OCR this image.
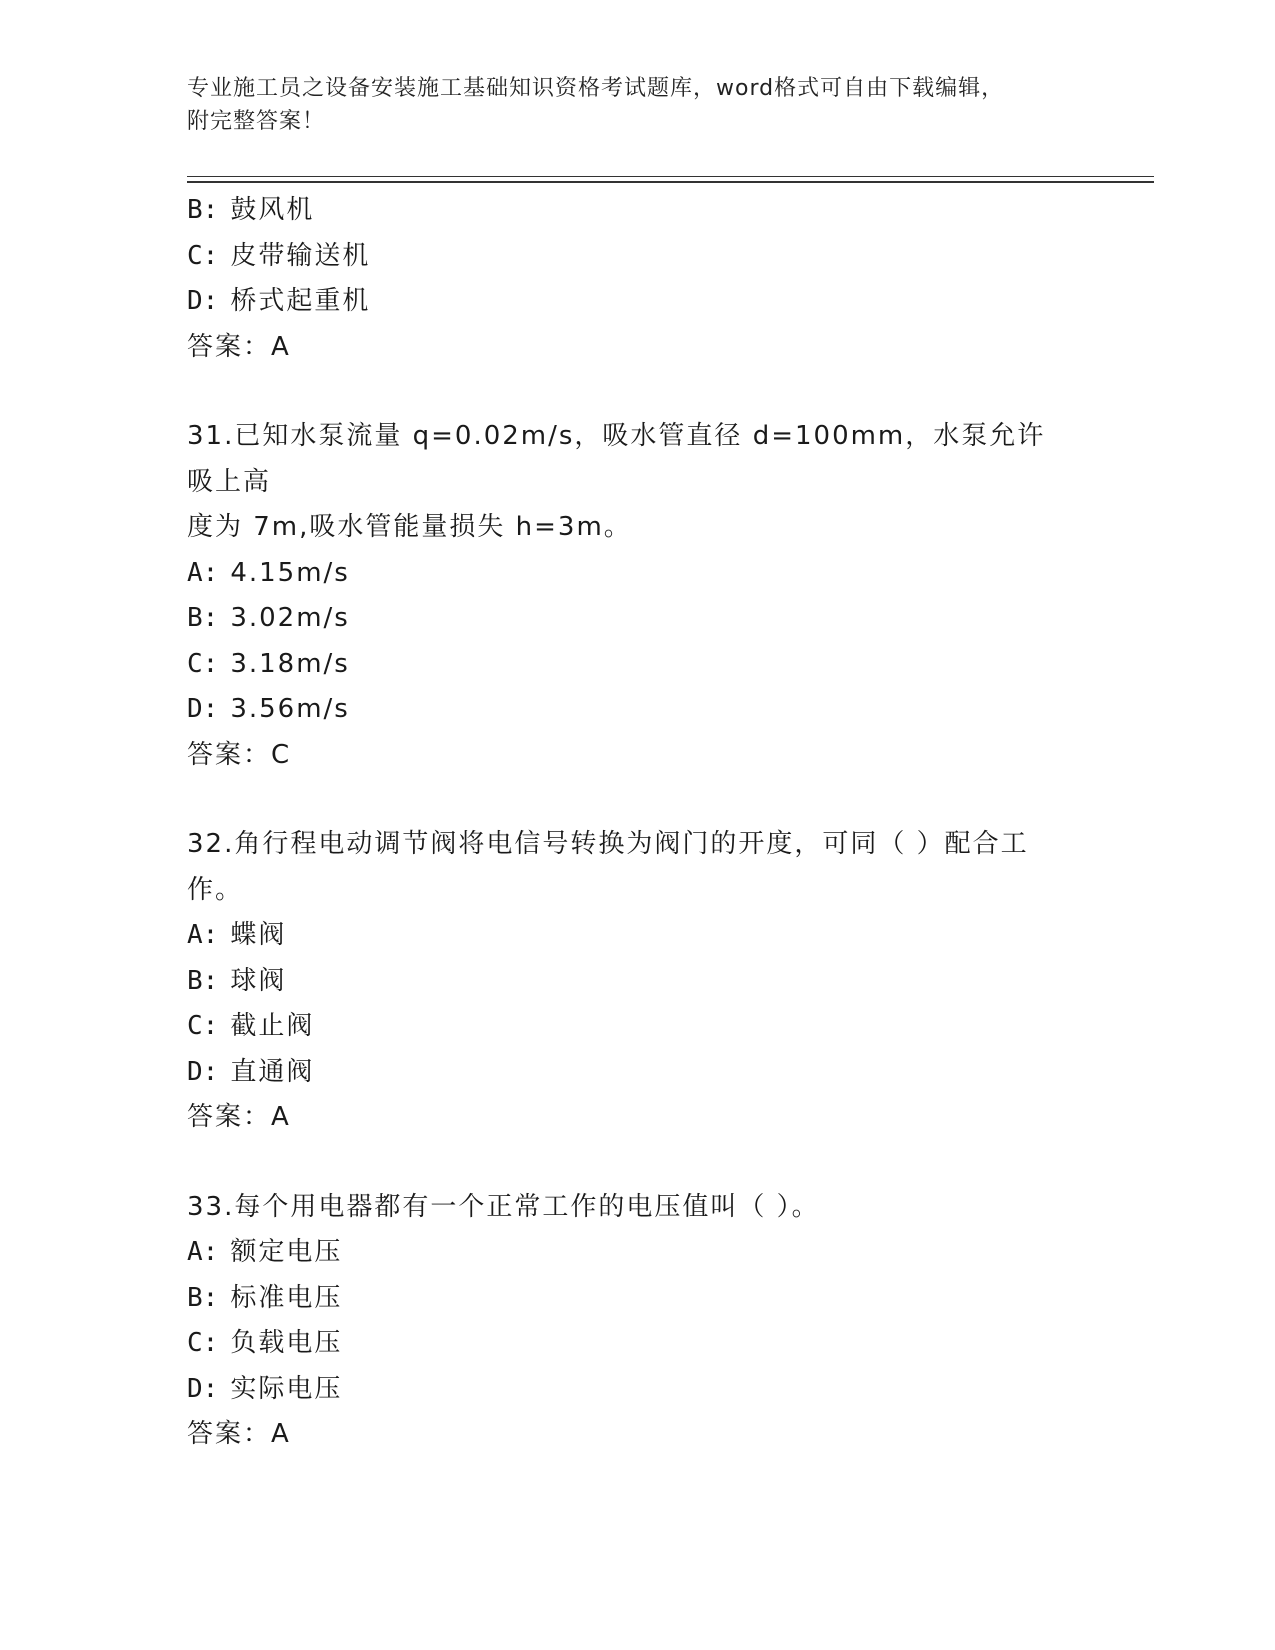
专业施工员之设备安装施工基础知识资格考试题库，word格式可自由下载编辑，
附完整答案！
B: 鼓风机
C: 皮带输送机
D: 桥式起重机
答案：A
31.已知水泵流量 q=0.02m/s，吸水管直径 d=100mm，水泵允许吸上高
度为 7m,吸水管能量损失 h=3m。
A: 4.15m/s
B: 3.02m/s
C: 3.18m/s
D: 3.56m/s
答案：C
32.角行程电动调节阀将电信号转换为阀门的开度，可同（ ）配合工
作。
A: 蝶阀
B: 球阀
C: 截止阀
D: 直通阀
答案：A
33.每个用电器都有一个正常工作的电压值叫（ ）。
A: 额定电压
B: 标准电压
C: 负载电压
D: 实际电压
答案：A
